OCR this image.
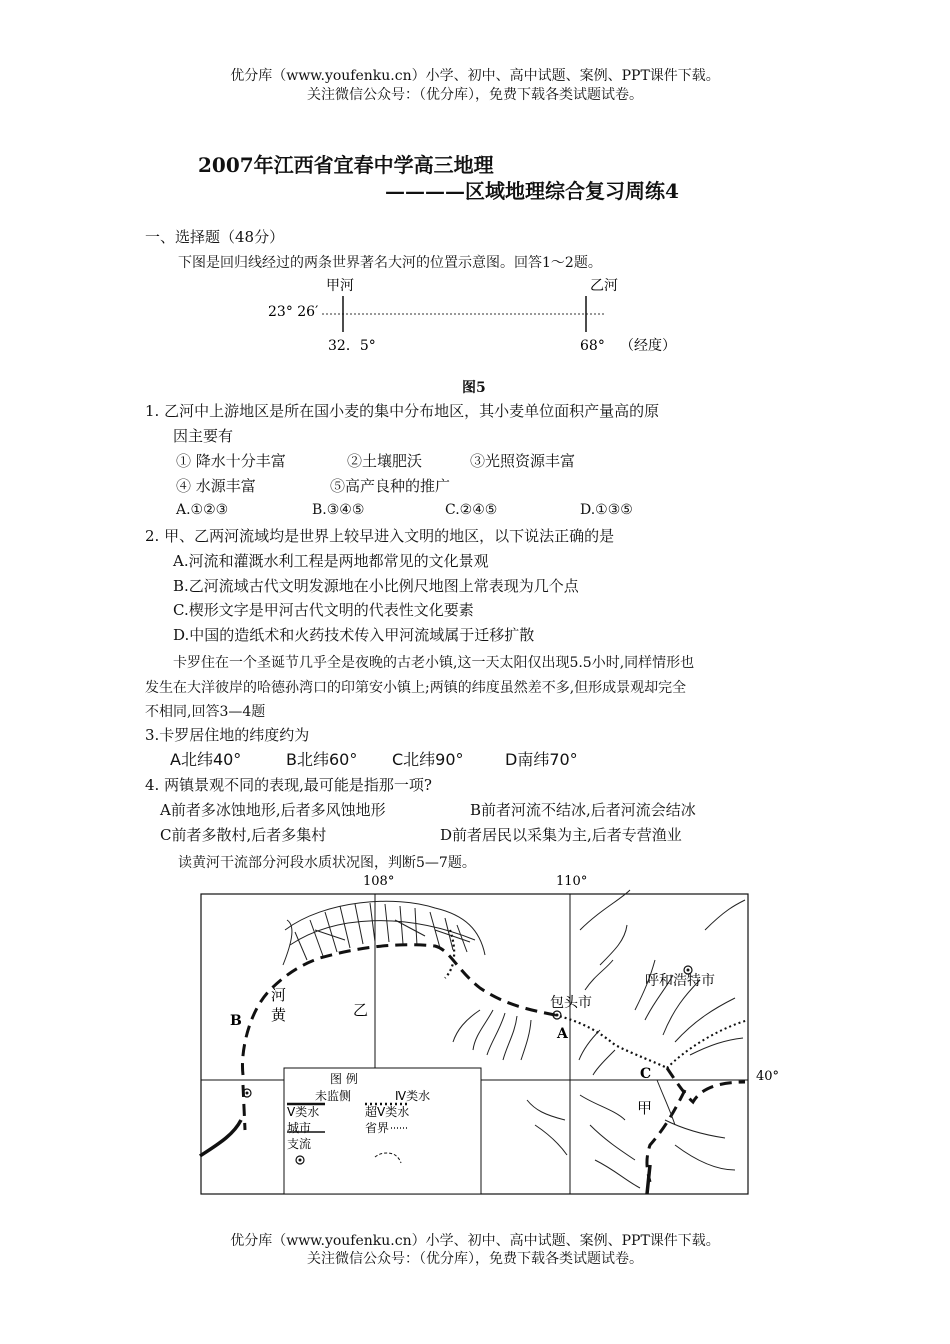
优分库（www.youfenku.cn）小学、初中、高中试题、案例、PPT课件下载。
关注微信公众号：（优分库），免费下载各类试题试卷。
2007年江西省宜春中学高三地理
————区域地理综合复习周练4
一、选择题（48分）
下图是回归线经过的两条世界著名大河的位置示意图。回答1～2题。
甲河	乙河
23° 26′
32．5°	68° （经度）
图5
1. 乙河中上游地区是所在国小麦的集中分布地区，其小麦单位面积产量高的原
因主要有
① 降水十分丰富	②土壤肥沃	③光照资源丰富
④ 水源丰富	⑤高产良种的推广
A.①②③	B.③④⑤	C.②④⑤	D.①③⑤
2. 甲、乙两河流域均是世界上较早进入文明的地区，以下说法正确的是
A.河流和灌溉水利工程是两地都常见的文化景观
B.乙河流域古代文明发源地在小比例尺地图上常表现为几个点
C.楔形文字是甲河古代文明的代表性文化要素
D.中国的造纸术和火药技术传入甲河流域属于迁移扩散
卡罗住在一个圣诞节几乎全是夜晚的古老小镇,这一天太阳仅出现5.5小时,同样情形也
发生在大洋彼岸的哈德孙湾口的印第安小镇上;两镇的纬度虽然差不多,但形成景观却完全
不相同,回答3—4题
3.卡罗居住地的纬度约为
A北纬40°	B北纬60° C北纬90°	D南纬70°
4. 两镇景观不同的表现,最可能是指那一项?
A前者多冰蚀地形,后者多风蚀地形	B前者河流不结冰,后者河流会结冰
C前者多散村,后者多集村	D前者居民以采集为主,后者专营渔业
读黄河干流部分河段水质状况图，判断5—7题。
108°	110°
40°
河
黄	乙
甲
B
A
C
包头市
呼和浩特市
图 例
未监侧	Ⅳ类水
Ⅴ类水	超Ⅴ类水
城市	省界
支流
优分库（www.youfenku.cn）小学、初中、高中试题、案例、PPT课件下载。
关注微信公众号：（优分库），免费下载各类试题试卷。
